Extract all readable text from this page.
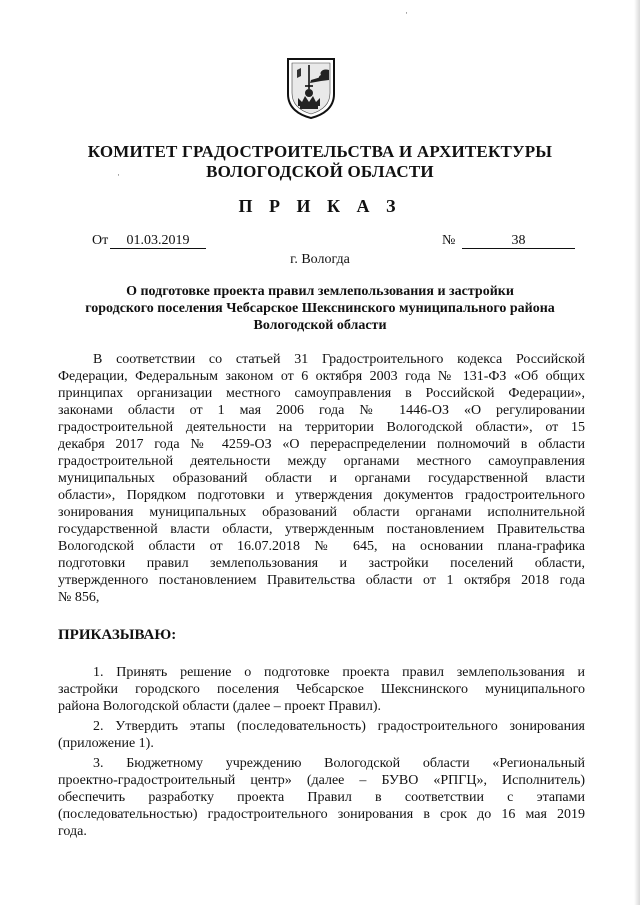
·
·
КОМИТЕТ ГРАДОСТРОИТЕЛЬСТВА И АРХИТЕКТУРЫ
ВОЛОГОДСКОЙ ОБЛАСТИ
П Р И К А З
От	01.03.2019	№	38
г. Вологда
О подготовке проекта правил землепользования и застройки
городского поселения Чебсарское Шекснинского муниципального района
Вологодской области
В соответствии со статьей 31 Градостроительного кодекса Российской
Федерации, Федеральным законом от 6 октября 2003 года № 131-ФЗ «Об общих
принципах организации местного самоуправления в Российской Федерации»,
законами области от 1 мая 2006 года № 1446-ОЗ «О регулировании
градостроительной деятельности на территории Вологодской области», от 15
декабря 2017 года № 4259-ОЗ «О перераспределении полномочий в области
градостроительной деятельности между органами местного самоуправления
муниципальных образований области и органами государственной власти
области», Порядком подготовки и утверждения документов градостроительного
зонирования муниципальных образований области органами исполнительной
государственной власти области, утвержденным постановлением Правительства
Вологодской области от 16.07.2018 № 645, на основании плана-графика
подготовки правил землепользования и застройки поселений области,
утвержденного постановлением Правительства области от 1 октября 2018 года
№ 856,
ПРИКАЗЫВАЮ:
1. Принять решение о подготовке проекта правил землепользования и
застройки городского поселения Чебсарское Шекснинского муниципального
района Вологодской области (далее – проект Правил).
2. Утвердить этапы (последовательность) градостроительного зонирования
(приложение 1).
3. Бюджетному учреждению Вологодской области «Региональный
проектно-градостроительный центр» (далее – БУВО «РПГЦ», Исполнитель)
обеспечить разработку проекта Правил в соответствии с этапами
(последовательностью) градостроительного зонирования в срок до 16 мая 2019
года.
